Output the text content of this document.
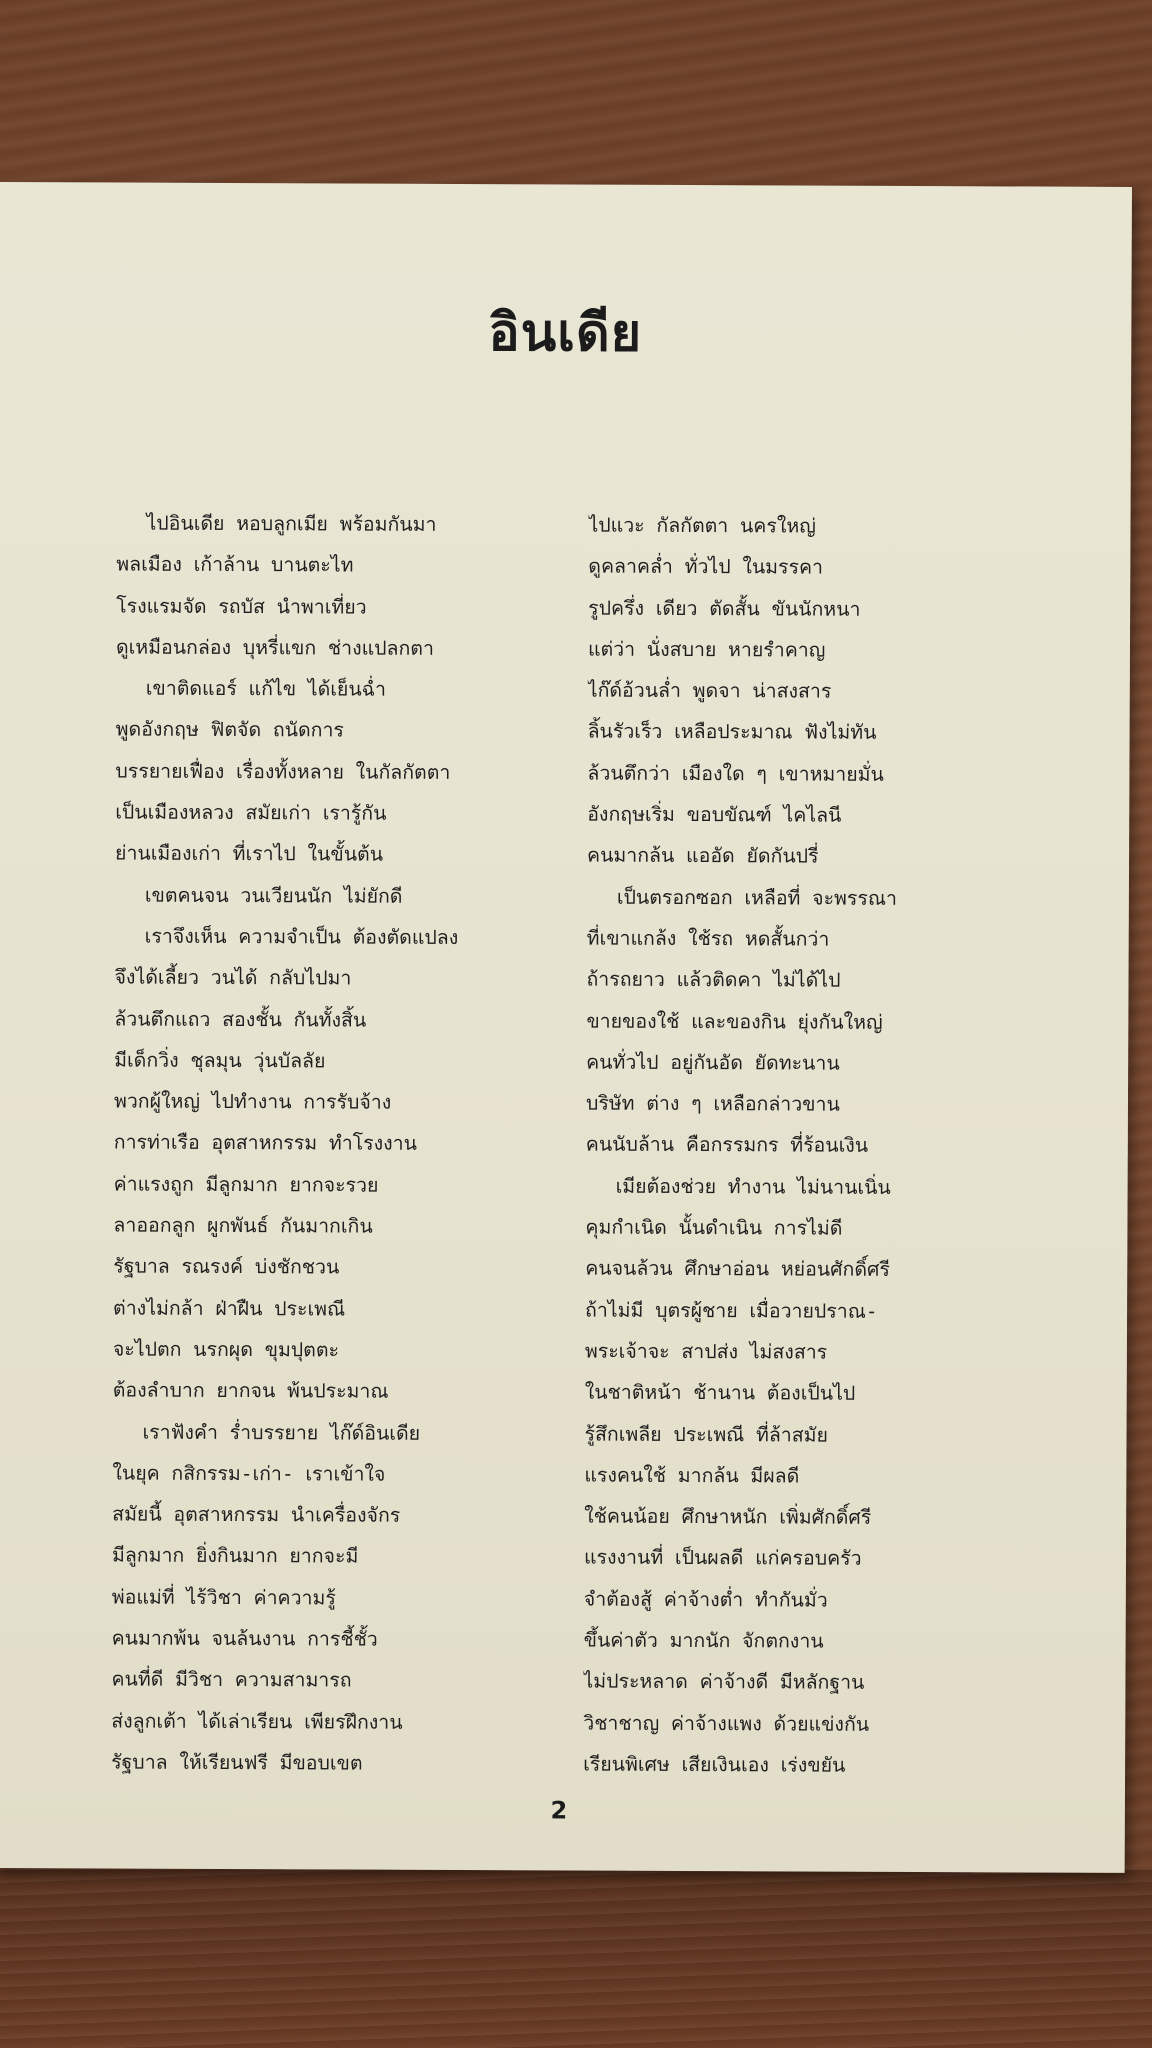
อินเดีย
ไปอินเดีย หอบลูกเมีย พร้อมกันมา
พลเมือง เก้าล้าน บานตะไท
โรงแรมจัด รถบัส นำพาเที่ยว
ดูเหมือนกล่อง บุหรี่แขก ช่างแปลกตา
เขาติดแอร์ แก้ไข ได้เย็นฉ่ำ
พูดอังกฤษ ฟิตจัด ถนัดการ
บรรยายเฟื่อง เรื่องทั้งหลาย ในกัลกัตตา
เป็นเมืองหลวง สมัยเก่า เรารู้กัน
ย่านเมืองเก่า ที่เราไป ในขั้นต้น
เขตคนจน วนเวียนนัก ไม่ยักดี
เราจึงเห็น ความจำเป็น ต้องตัดแปลง
จึงได้เลี้ยว วนได้ กลับไปมา
ล้วนตึกแถว สองชั้น กันทั้งสิ้น
มีเด็กวิ่ง ชุลมุน วุ่นบัลลัย
พวกผู้ใหญ่ ไปทำงาน การรับจ้าง
การท่าเรือ อุตสาหกรรม ทำโรงงาน
ค่าแรงถูก มีลูกมาก ยากจะรวย
ลาออกลูก ผูกพันธ์ กันมากเกิน
รัฐบาล รณรงค์ บ่งชักชวน
ต่างไม่กล้า ฝ่าฝืน ประเพณี
จะไปตก นรกผุด ขุมปุตตะ
ต้องลำบาก ยากจน พ้นประมาณ
เราฟังคำ ร่ำบรรยาย ไก๊ด์อินเดีย
ในยุค กสิกรรม-เก่า- เราเข้าใจ
สมัยนี้ อุตสาหกรรม นำเครื่องจักร
มีลูกมาก ยิ่งกินมาก ยากจะมี
พ่อแม่ที่ ไร้วิชา ค่าความรู้
คนมากพ้น จนล้นงาน การชี้ชั้ว
คนที่ดี มีวิชา ความสามารถ
ส่งลูกเต้า ได้เล่าเรียน เพียรฝึกงาน
รัฐบาล ให้เรียนฟรี มีขอบเขต
ไปแวะ กัลกัตตา นครใหญ่
ดูคลาคล่ำ ทั่วไป ในมรรคา
รูปครึ่ง เดียว ตัดสั้น ขันนักหนา
แต่ว่า นั่งสบาย หายรำคาญ
ไก๊ด์อ้วนล่ำ พูดจา น่าสงสาร
ลิ้นรัวเร็ว เหลือประมาณ ฟังไม่ทัน
ล้วนตึกว่า เมืองใด ๆ เขาหมายมั่น
อังกฤษเริ่ม ขอบขัณฑ์ ไคไลนี
คนมากล้น แออัด ยัดกันปรี่
เป็นตรอกซอก เหลือที่ จะพรรณา
ที่เขาแกล้ง ใช้รถ หดสั้นกว่า
ถ้ารถยาว แล้วติดคา ไม่ได้ไป
ขายของใช้ และของกิน ยุ่งกันใหญ่
คนทั่วไป อยู่กันอัด ยัดทะนาน
บริษัท ต่าง ๆ เหลือกล่าวขาน
คนนับล้าน คือกรรมกร ที่ร้อนเงิน
เมียต้องช่วย ทำงาน ไม่นานเนิ่น
คุมกำเนิด นั้นดำเนิน การไม่ดี
คนจนล้วน ศึกษาอ่อน หย่อนศักดิ์ศรี
ถ้าไม่มี บุตรผู้ชาย เมื่อวายปราณ-
พระเจ้าจะ สาปส่ง ไม่สงสาร
ในชาติหน้า ช้านาน ต้องเป็นไป
รู้สึกเพลีย ประเพณี ที่ล้าสมัย
แรงคนใช้ มากล้น มีผลดี
ใช้คนน้อย ศึกษาหนัก เพิ่มศักดิ์ศรี
แรงงานที่ เป็นผลดี แก่ครอบครัว
จำต้องสู้ ค่าจ้างต่ำ ทำกันมั่ว
ขึ้นค่าตัว มากนัก จักตกงาน
ไม่ประหลาด ค่าจ้างดี มีหลักฐาน
วิชาชาญ ค่าจ้างแพง ด้วยแข่งกัน
เรียนพิเศษ เสียเงินเอง เร่งขยัน
2
